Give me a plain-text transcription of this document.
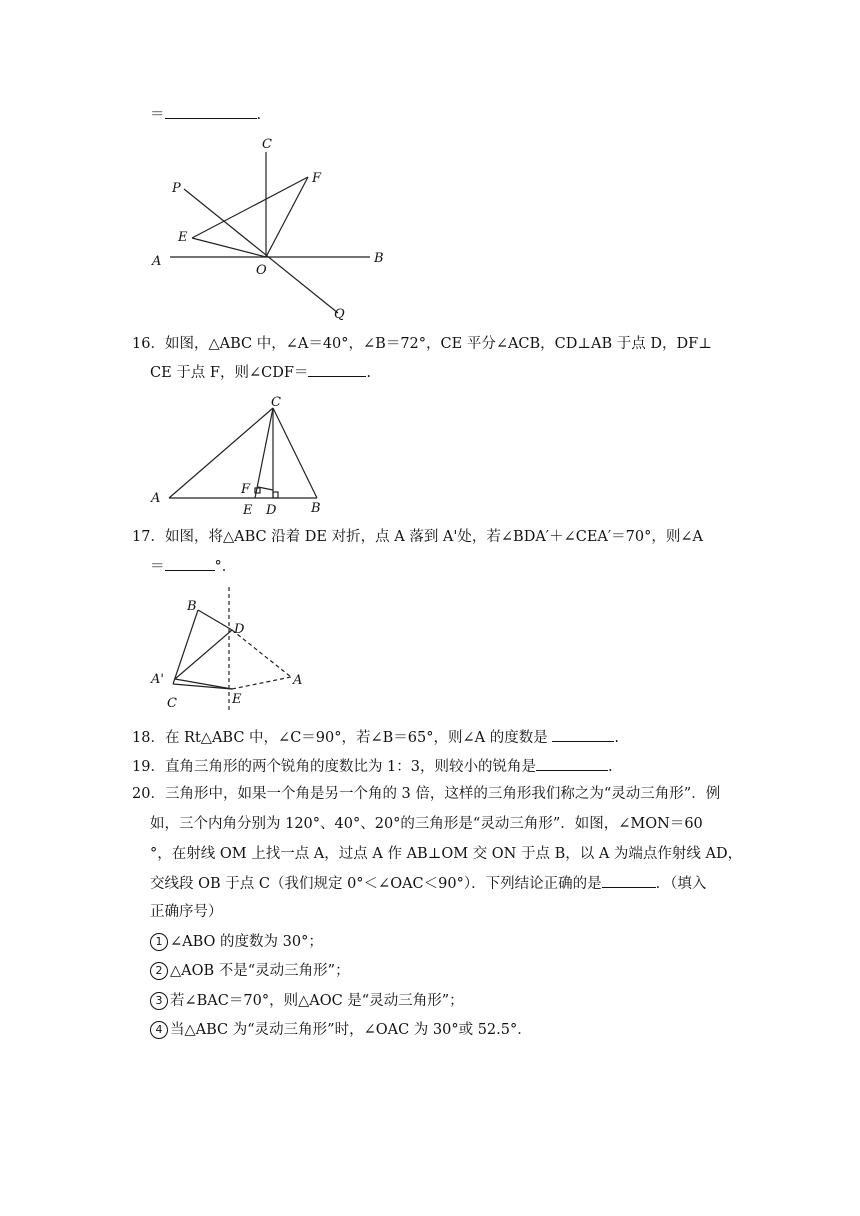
＝	.
C
F
P
E
A
O
B
Q
16．如图，△ABC 中，∠A＝40°，∠B＝72°，CE 平分∠ACB，CD⊥AB 于点 D，DF⊥
CE 于点 F，则∠CDF＝	.
C
A
F
E D	B
17．如图，将△ABC 沿着 DE 对折，点 A 落到 A'处，若∠BDA′＋∠CEA′＝70°，则∠A
＝	°．
B
D
A'	A
C	E
18．在 Rt△ABC 中，∠C＝90°，若∠B＝65°，则∠A 的度数是	.
19．直角三角形的两个锐角的度数比为 1：3，则较小的锐角是	.
20．三角形中，如果一个角是另一个角的 3 倍，这样的三角形我们称之为“灵动三角形”．例
如，三个内角分别为 120°、40°、20°的三角形是“灵动三角形”．如图，∠MON＝60
°，在射线 OM 上找一点 A，过点 A 作 AB⊥OM 交 ON 于点 B，以 A 为端点作射线 AD，
交线段 OB 于点 C（我们规定 0°＜∠OAC＜90°）．下列结论正确的是	．（填入
正确序号）
1 ∠ABO 的度数为 30°；
2 △AOB 不是“灵动三角形”；
3 若∠BAC＝70°，则△AOC 是“灵动三角形”；
4 当△ABC 为“灵动三角形”时，∠OAC 为 30°或 52.5°．
